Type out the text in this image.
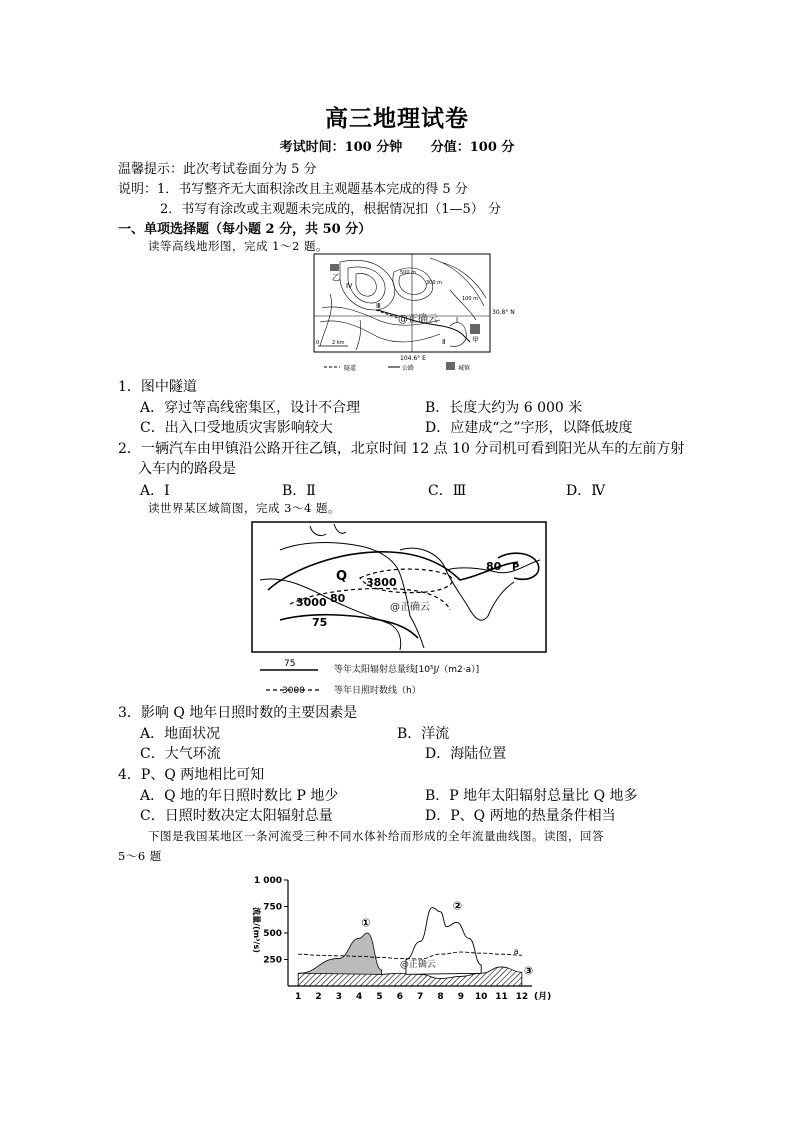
高三地理试卷
考试时间：100 分钟 分值：100 分
温馨提示：此次考试卷面分为 5 分
说明：1．书写整齐无大面积涂改且主观题基本完成的得 5 分
2．书写有涂改或主观题未完成的，根据情况扣（1—5） 分
一、单项选择题（每小题 2 分，共 50 分）
读等高线地形图，完成 1～2 题。
乙
Ⅳ
Ⅲ
Ⅰ
Ⅱ	甲
500 m
300 m
100 m
30.8° N
104.6° E
0	2 km
@正确云
隧道	公路	城镇
1．图中隧道
A．穿过等高线密集区，设计不合理	B．长度大约为 6 000 米
C．出入口受地质灾害影响较大	D．应建成“之”字形，以降低坡度
2．一辆汽车由甲镇沿公路开往乙镇，北京时间 12 点 10 分司机可看到阳光从车的左前方射
入车内的路段是
A．Ⅰ	B．Ⅱ	C．Ⅲ	D．Ⅳ
读世界某区域简图，完成 3～4 题。
Q 3800
80
3000
80
75
P
@正确云
75
等年太阳辐射总量线[10⁵J/（m2·a）]
3000	等年日照时数线（h）
3．影响 Q 地年日照时数的主要因素是
A．地面状况	B．洋流
C．大气环流	D．海陆位置
4．P、Q 两地相比可知
A．Q 地的年日照时数比 P 地少	B．P 地年太阳辐射总量比 Q 地多
C．日照时数决定太阳辐射总量	D．P、Q 两地的热量条件相当
下图是我国某地区一条河流受三种不同水体补给而形成的全年流量曲线图。读图，回答
5～6 题
1 000
750
500
250
流量/(m³/s)
1 2 3 4 5 6 7 8 9 10 11 12 (月)
①
②
③
a
@正确云
